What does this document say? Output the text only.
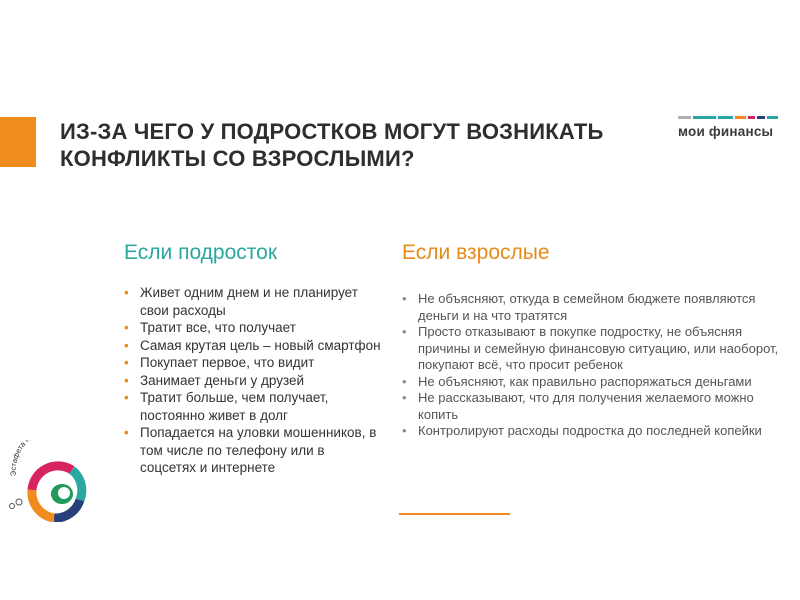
ИЗ-ЗА ЧЕГО У ПОДРОСТКОВ МОГУТ ВОЗНИКАТЬ КОНФЛИКТЫ СО ВЗРОСЛЫМИ?
мои финансы
Если подросток
• Живет одним днем и не планирует свои расходы
• Тратит все, что получает
• Самая крутая цель – новый смартфон
• Покупает первое, что видит
• Занимает деньги у друзей
• Тратит больше, чем получает, постоянно живет в долг
• Попадается на уловки мошенников, в том числе по телефону или в соцсетях и интернете
Если взрослые
• Не объясняют, откуда в семейном бюджете появляются деньги и на что тратятся
• Просто отказывают в покупке подростку, не объясняя причины и семейную финансовую ситуацию, или наоборот, покупают всё, что просит ребенок
• Не объясняют, как правильно распоряжаться деньгами
• Не рассказывают, что для получения желаемого можно копить
• Контролируют расходы подростка до последней копейки
Эстафета
